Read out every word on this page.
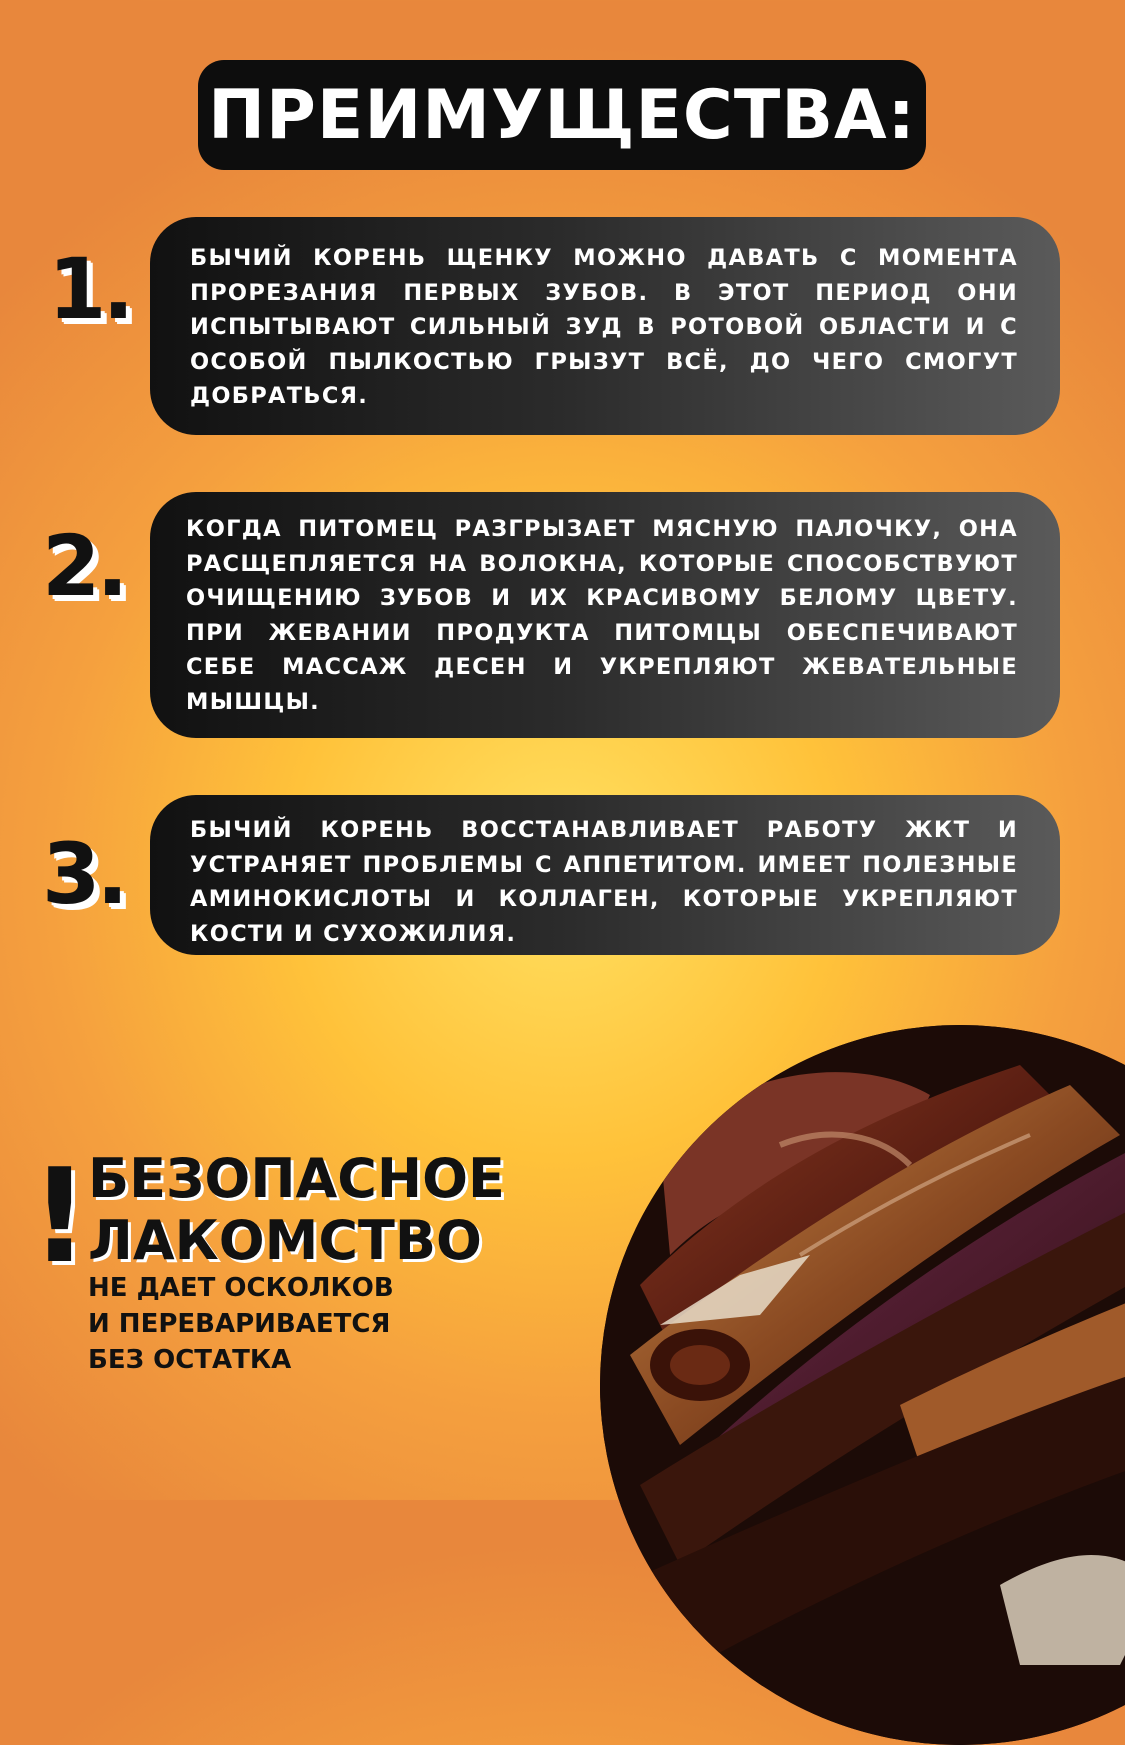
ПРЕИМУЩЕСТВА:
1.	БЫЧИЙ КОРЕНЬ ЩЕНКУ МОЖНО ДАВАТЬ С МОМЕНТА ПРОРЕЗАНИЯ ПЕРВЫХ ЗУБОВ. В ЭТОТ ПЕРИОД ОНИ ИСПЫТЫВАЮТ СИЛЬНЫЙ ЗУД В РОТОВОЙ ОБЛАСТИ И С ОСОБОЙ ПЫЛКОСТЬЮ ГРЫЗУТ ВСЁ, ДО ЧЕГО СМОГУТ ДОБРАТЬСЯ.
2.	КОГДА ПИТОМЕЦ РАЗГРЫЗАЕТ МЯСНУЮ ПАЛОЧКУ, ОНА РАСЩЕПЛЯЕТСЯ НА ВОЛОКНА, КОТОРЫЕ СПОСОБСТВУЮТ ОЧИЩЕНИЮ ЗУБОВ И ИХ КРАСИВОМУ БЕЛОМУ ЦВЕТУ. ПРИ ЖЕВАНИИ ПРОДУКТА ПИТОМЦЫ ОБЕСПЕЧИВАЮТ СЕБЕ МАССАЖ ДЕСЕН И УКРЕПЛЯЮТ ЖЕВАТЕЛЬНЫЕ МЫШЦЫ.
3.	БЫЧИЙ КОРЕНЬ ВОССТАНАВЛИВАЕТ РАБОТУ ЖКТ И УСТРАНЯЕТ ПРОБЛЕМЫ С АППЕТИТОМ. ИМЕЕТ ПОЛЕЗНЫЕ АМИНОКИСЛОТЫ И КОЛЛАГЕН, КОТОРЫЕ УКРЕПЛЯЮТ КОСТИ И СУХОЖИЛИЯ.
!
БЕЗОПАСНОЕ
ЛАКОМСТВО
НЕ ДАЕТ ОСКОЛКОВ
И ПЕРЕВАРИВАЕТСЯ
БЕЗ ОСТАТКА
